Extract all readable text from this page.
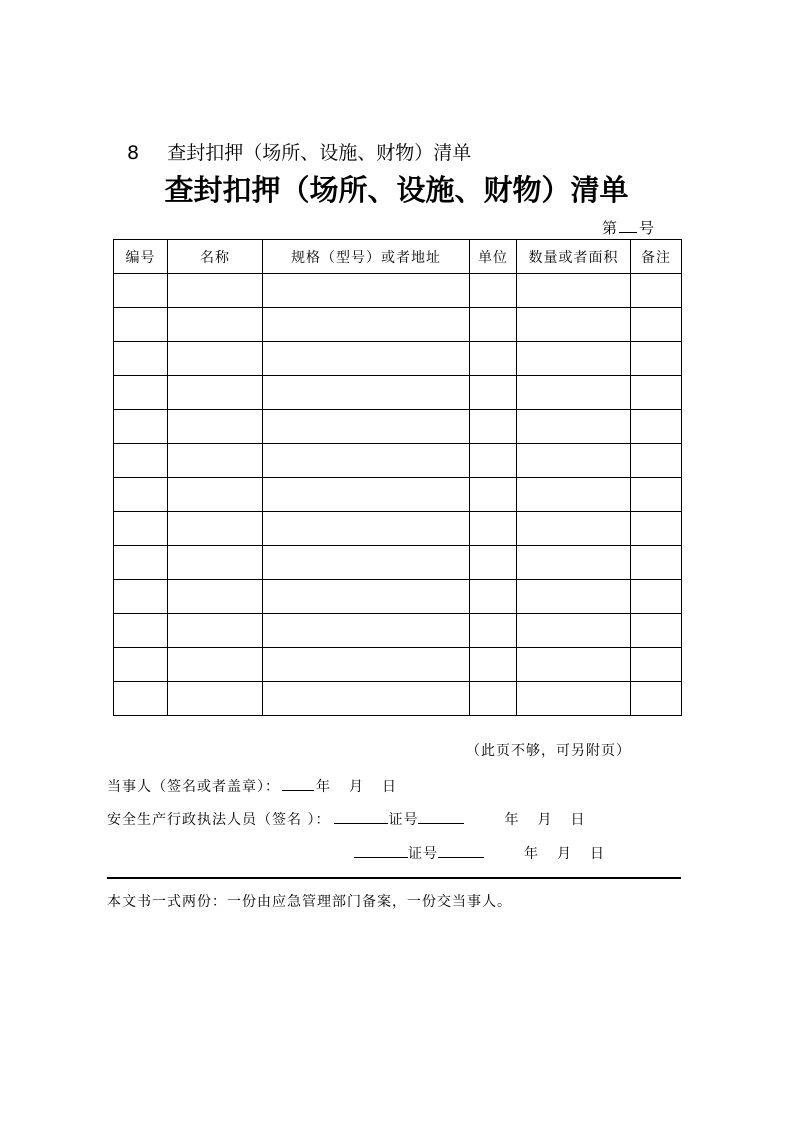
8 查封扣押（场所、设施、财物）清单
查封扣押（场所、设施、财物）清单
第 号
编号	名称	规格（型号）或者地址	单位	数量或者面积	备注

（此页不够，可另附页）
当事人（签名或者盖章）：	年 月 日
安全生产行政执法人员（签名 ）：	证号	年 月 日
证号	年 月 日
本文书一式两份：一份由应急管理部门备案，一份交当事人。
